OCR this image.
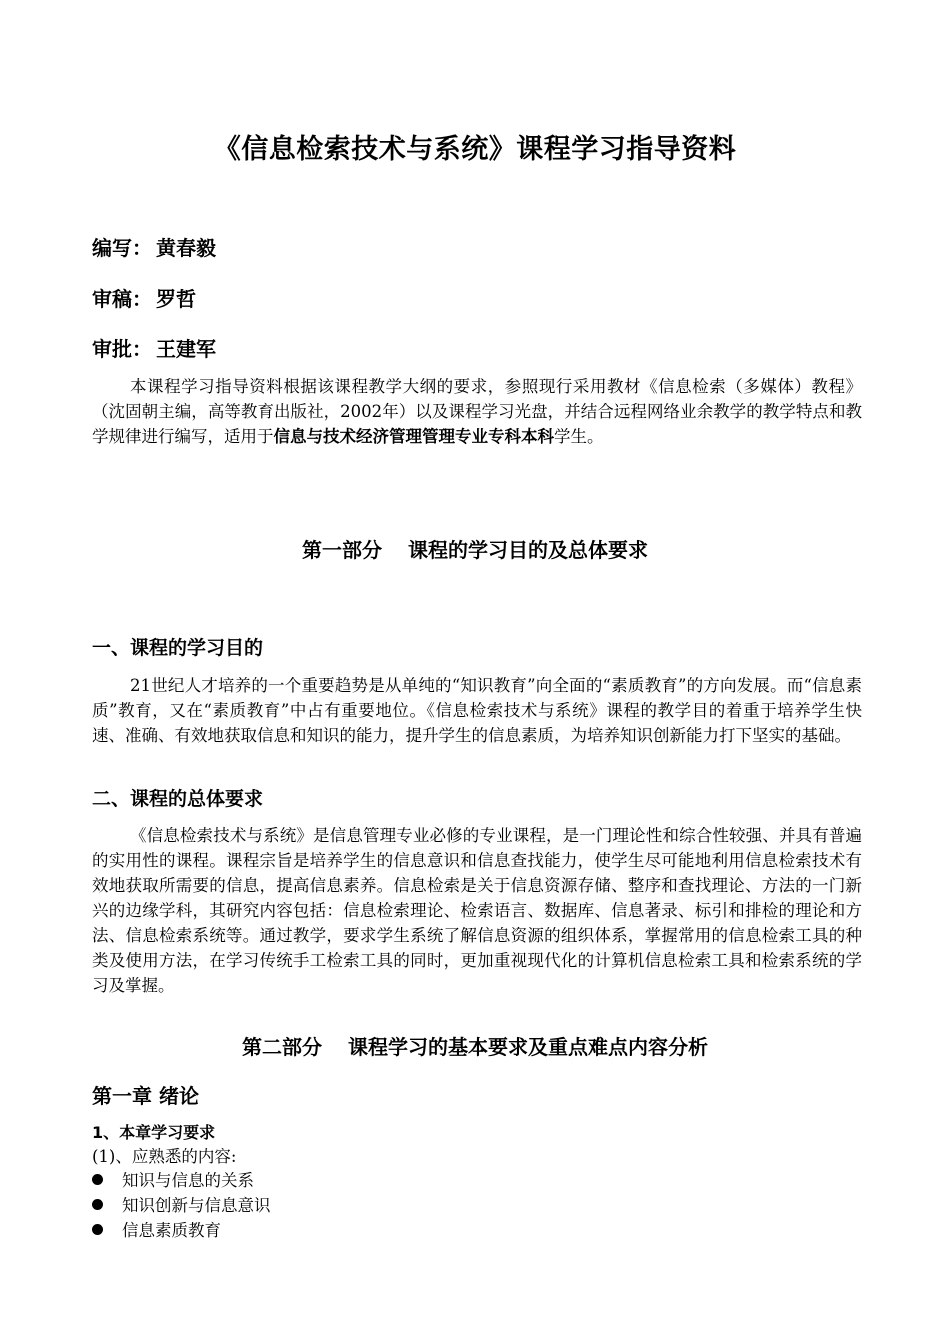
《信息检索技术与系统》课程学习指导资料
编写： 黄春毅
审稿： 罗哲
审批： 王建军
本课程学习指导资料根据该课程教学大纲的要求，参照现行采用教材《信息检索（多媒体）教程》（沈固朝主编，高等教育出版社，2002年）以及课程学习光盘，并结合远程网络业余教学的教学特点和教学规律进行编写，适用于信息与技术经济管理管理专业专科本科学生。
第一部分 课程的学习目的及总体要求
一、课程的学习目的
21世纪人才培养的一个重要趋势是从单纯的“知识教育”向全面的“素质教育”的方向发展。而“信息素质”教育，又在“素质教育”中占有重要地位。《信息检索技术与系统》课程的教学目的着重于培养学生快速、准确、有效地获取信息和知识的能力，提升学生的信息素质，为培养知识创新能力打下坚实的基础。
二、课程的总体要求
《信息检索技术与系统》是信息管理专业必修的专业课程，是一门理论性和综合性较强、并具有普遍的实用性的课程。课程宗旨是培养学生的信息意识和信息查找能力，使学生尽可能地利用信息检索技术有效地获取所需要的信息，提高信息素养。信息检索是关于信息资源存储、整序和查找理论、方法的一门新兴的边缘学科，其研究内容包括：信息检索理论、检索语言、数据库、信息著录、标引和排检的理论和方法、信息检索系统等。通过教学，要求学生系统了解信息资源的组织体系，掌握常用的信息检索工具的种类及使用方法，在学习传统手工检索工具的同时，更加重视现代化的计算机信息检索工具和检索系统的学习及掌握。
第二部分 课程学习的基本要求及重点难点内容分析
第一章 绪论
1、本章学习要求
(1)、应熟悉的内容:
知识与信息的关系
知识创新与信息意识
信息素质教育
